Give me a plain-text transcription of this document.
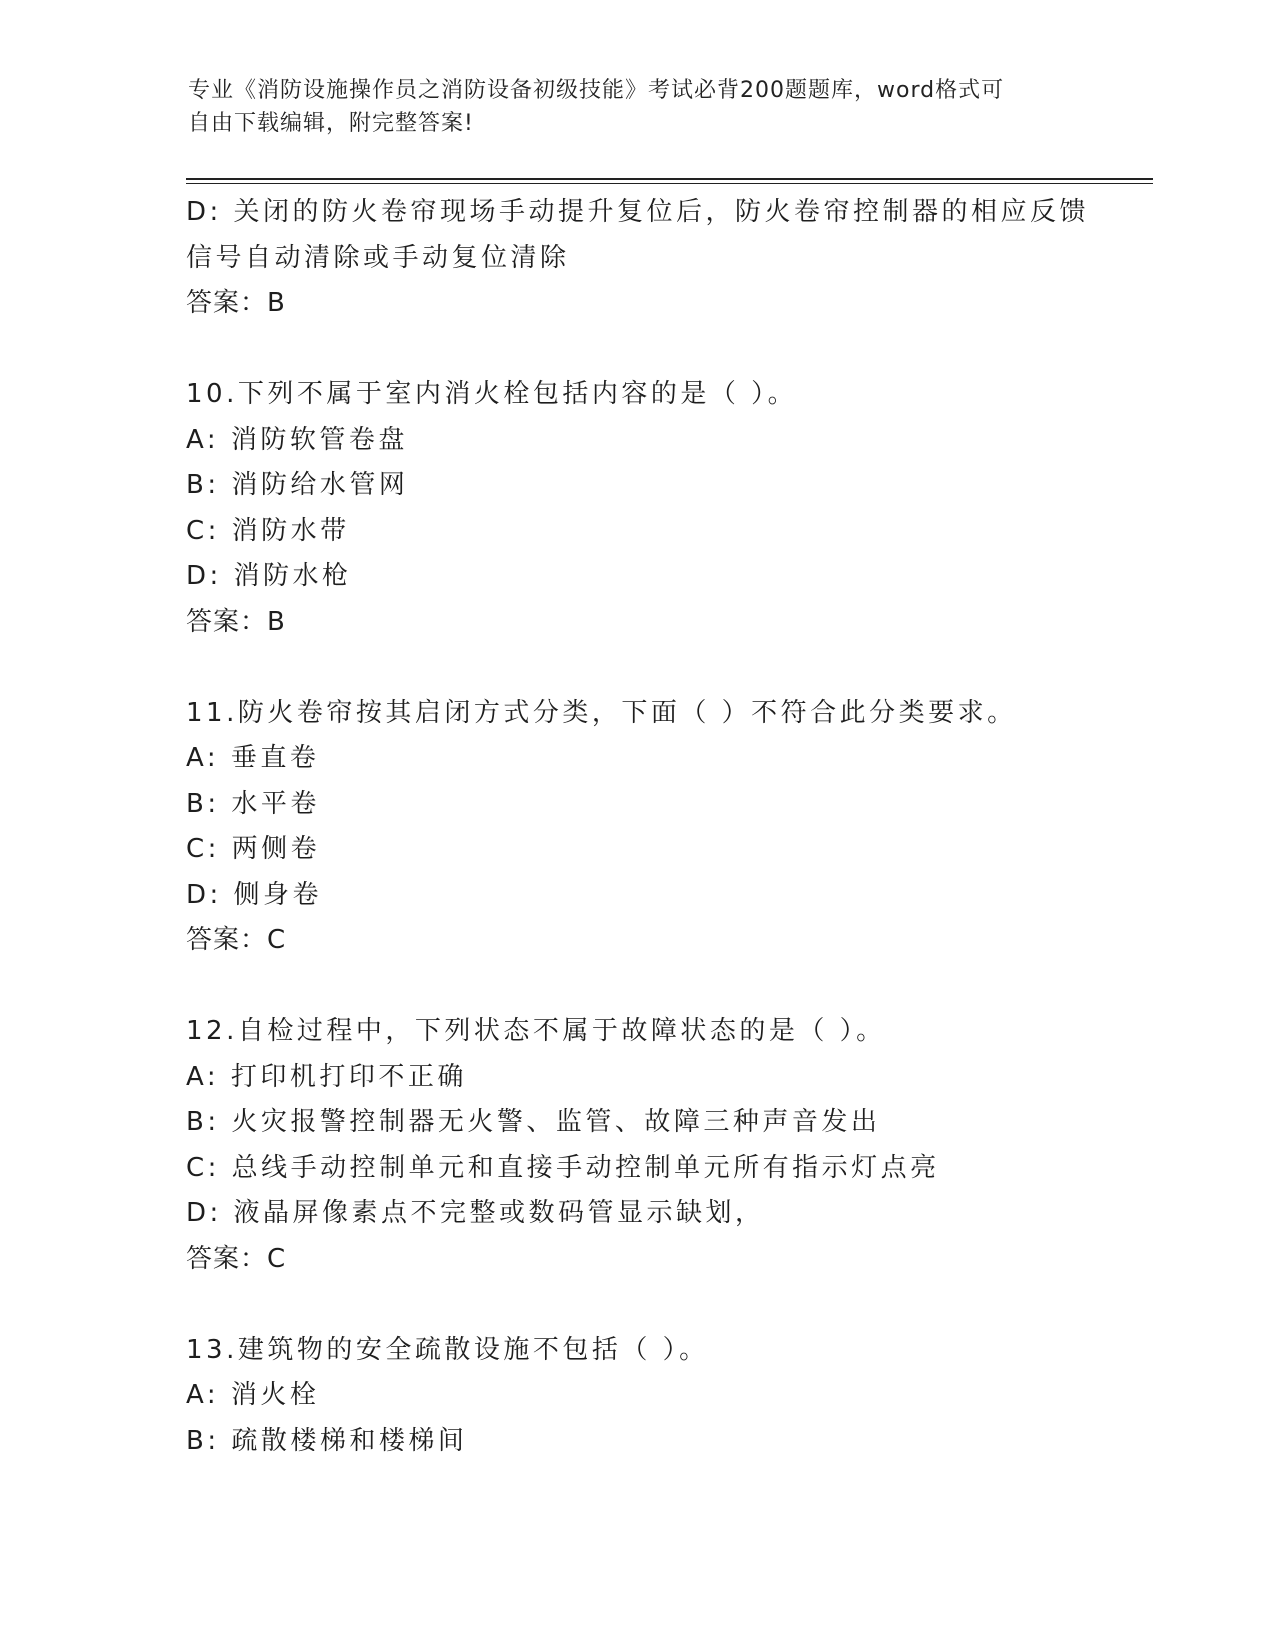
专业《消防设施操作员之消防设备初级技能》考试必背200题题库，word格式可
自由下载编辑，附完整答案!
D: 关闭的防火卷帘现场手动提升复位后，防火卷帘控制器的相应反馈
信号自动清除或手动复位清除
答案：B
10.下列不属于室内消火栓包括内容的是（ ）。
A: 消防软管卷盘
B: 消防给水管网
C: 消防水带
D: 消防水枪
答案：B
11.防火卷帘按其启闭方式分类，下面（ ）不符合此分类要求。
A: 垂直卷
B: 水平卷
C: 两侧卷
D: 侧身卷
答案：C
12.自检过程中，下列状态不属于故障状态的是（ ）。
A: 打印机打印不正确
B: 火灾报警控制器无火警、监管、故障三种声音发出
C: 总线手动控制单元和直接手动控制单元所有指示灯点亮
D: 液晶屏像素点不完整或数码管显示缺划，
答案：C
13.建筑物的安全疏散设施不包括（ ）。
A: 消火栓
B: 疏散楼梯和楼梯间
